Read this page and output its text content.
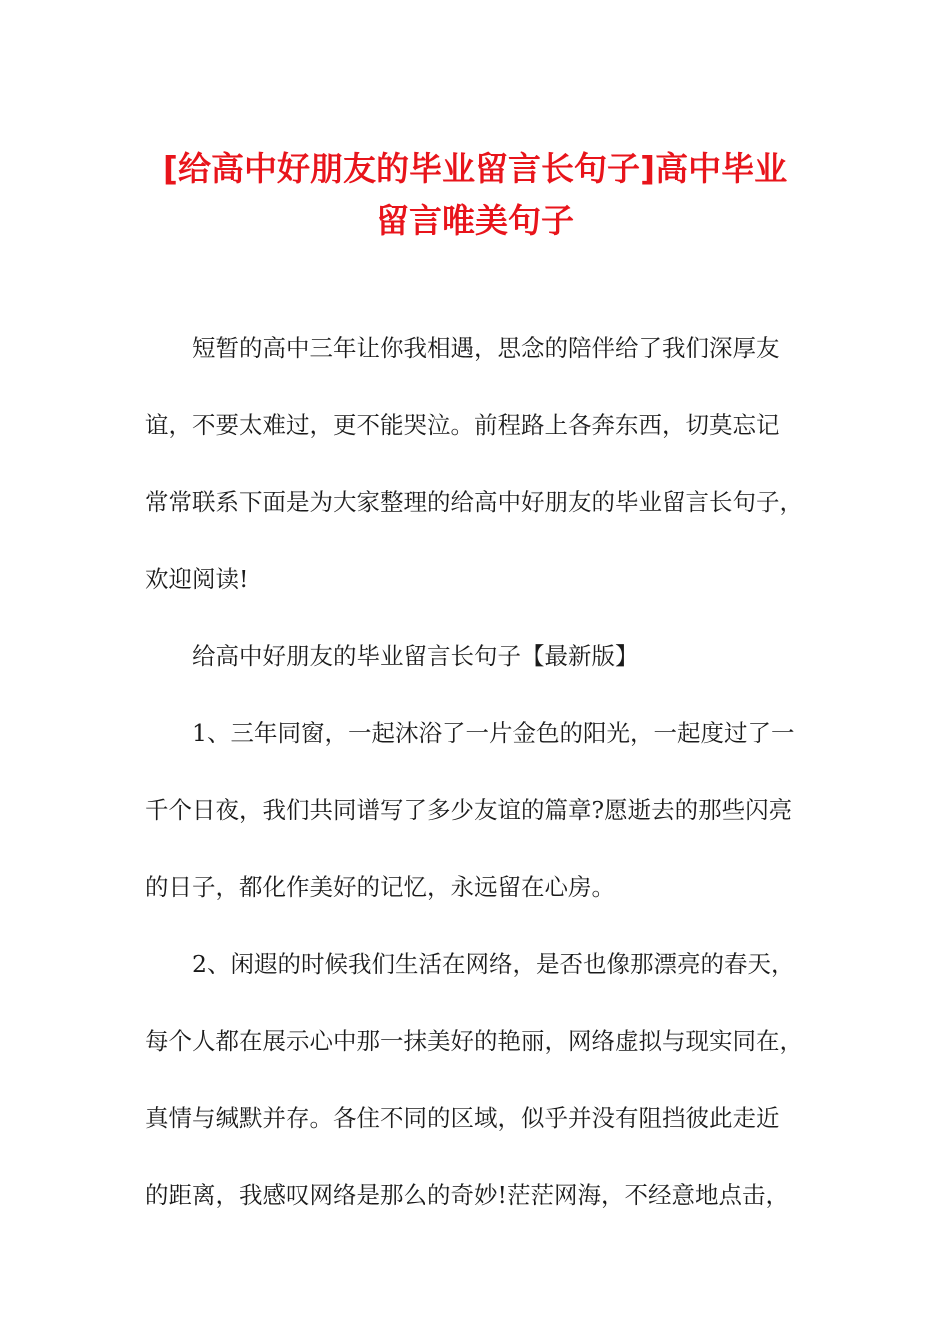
[给高中好朋友的毕业留言长句子]高中毕业
留言唯美句子
短暂的高中三年让你我相遇，思念的陪伴给了我们深厚友
谊，不要太难过，更不能哭泣。前程路上各奔东西，切莫忘记
常常联系下面是为大家整理的给高中好朋友的毕业留言长句子，
欢迎阅读!
给高中好朋友的毕业留言长句子【最新版】
1、三年同窗，一起沐浴了一片金色的阳光，一起度过了一
千个日夜，我们共同谱写了多少友谊的篇章?愿逝去的那些闪亮
的日子，都化作美好的记忆，永远留在心房。
2、闲遐的时候我们生活在网络，是否也像那漂亮的春天，
每个人都在展示心中那一抹美好的艳丽，网络虚拟与现实同在，
真情与缄默并存。各住不同的区域，似乎并没有阻挡彼此走近
的距离，我感叹网络是那么的奇妙!茫茫网海，不经意地点击，
